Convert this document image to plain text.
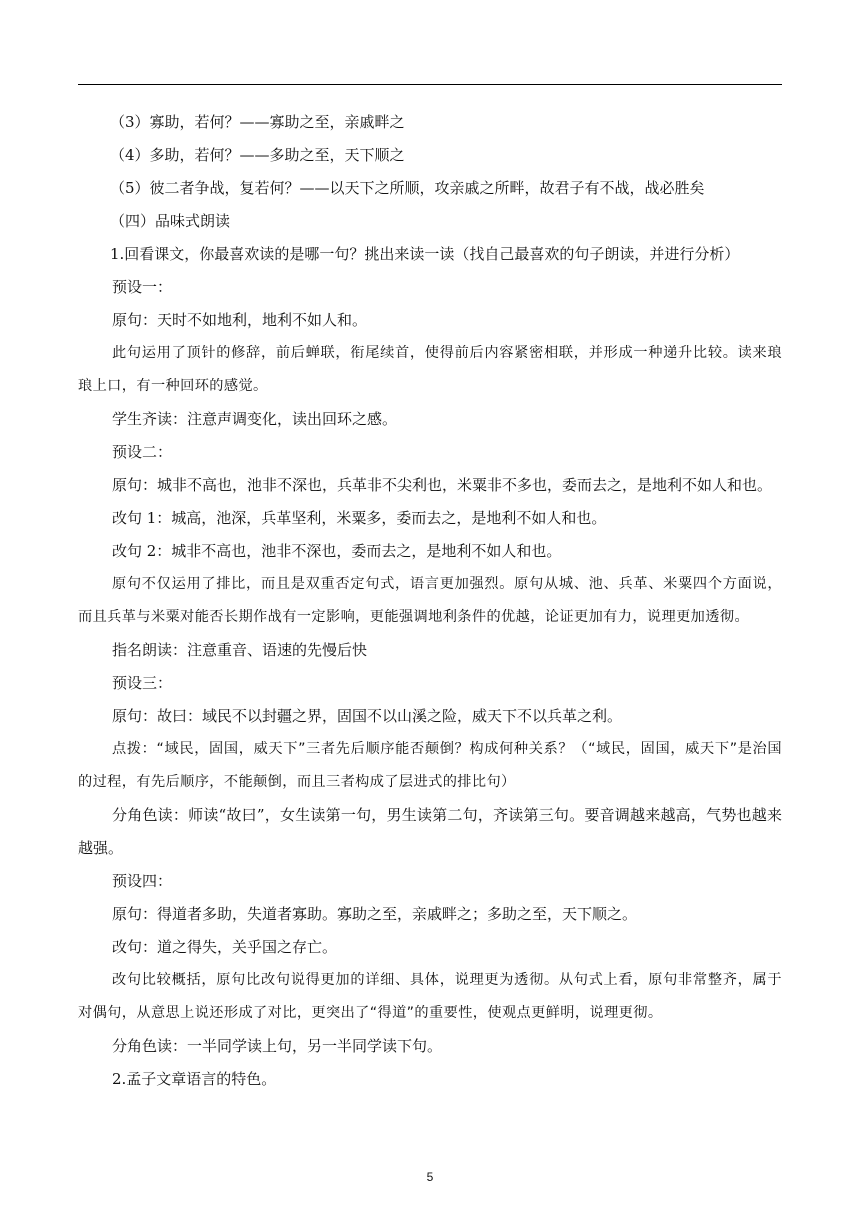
（3）寡助，若何？——寡助之至，亲戚畔之

（4）多助，若何？——多助之至，天下顺之

（5）彼二者争战，复若何？——以天下之所顺，攻亲戚之所畔，故君子有不战，战必胜矣

（四）品味式朗读

1.回看课文，你最喜欢读的是哪一句？挑出来读一读（找自己最喜欢的句子朗读，并进行分析）

预设一：

原句：天时不如地利，地利不如人和。

此句运用了顶针的修辞，前后蝉联，衔尾续首，使得前后内容紧密相联，并形成一种递升比较。读来琅琅上口，有一种回环的感觉。

学生齐读：注意声调变化，读出回环之感。

预设二：

原句：城非不高也，池非不深也，兵革非不尖利也，米粟非不多也，委而去之，是地利不如人和也。

改句 1：城高，池深，兵革坚利，米粟多，委而去之，是地利不如人和也。

改句 2：城非不高也，池非不深也，委而去之，是地利不如人和也。

原句不仅运用了排比，而且是双重否定句式，语言更加强烈。原句从城、池、兵革、米粟四个方面说，而且兵革与米粟对能否长期作战有一定影响，更能强调地利条件的优越，论证更加有力，说理更加透彻。

指名朗读：注意重音、语速的先慢后快

预设三：

原句：故曰：域民不以封疆之界，固国不以山溪之险，威天下不以兵革之利。

点拨：“域民，固国，威天下”三者先后顺序能否颠倒？构成何种关系？（“域民，固国，威天下”是治国的过程，有先后顺序，不能颠倒，而且三者构成了层进式的排比句）

分角色读：师读“故曰”，女生读第一句，男生读第二句，齐读第三句。要音调越来越高，气势也越来越强。

预设四：

原句：得道者多助，失道者寡助。寡助之至，亲戚畔之；多助之至，天下顺之。

改句：道之得失，关乎国之存亡。

改句比较概括，原句比改句说得更加的详细、具体，说理更为透彻。从句式上看，原句非常整齐，属于对偶句，从意思上说还形成了对比，更突出了“得道”的重要性，使观点更鲜明，说理更彻。

分角色读：一半同学读上句，另一半同学读下句。

2.孟子文章语言的特色。

5
